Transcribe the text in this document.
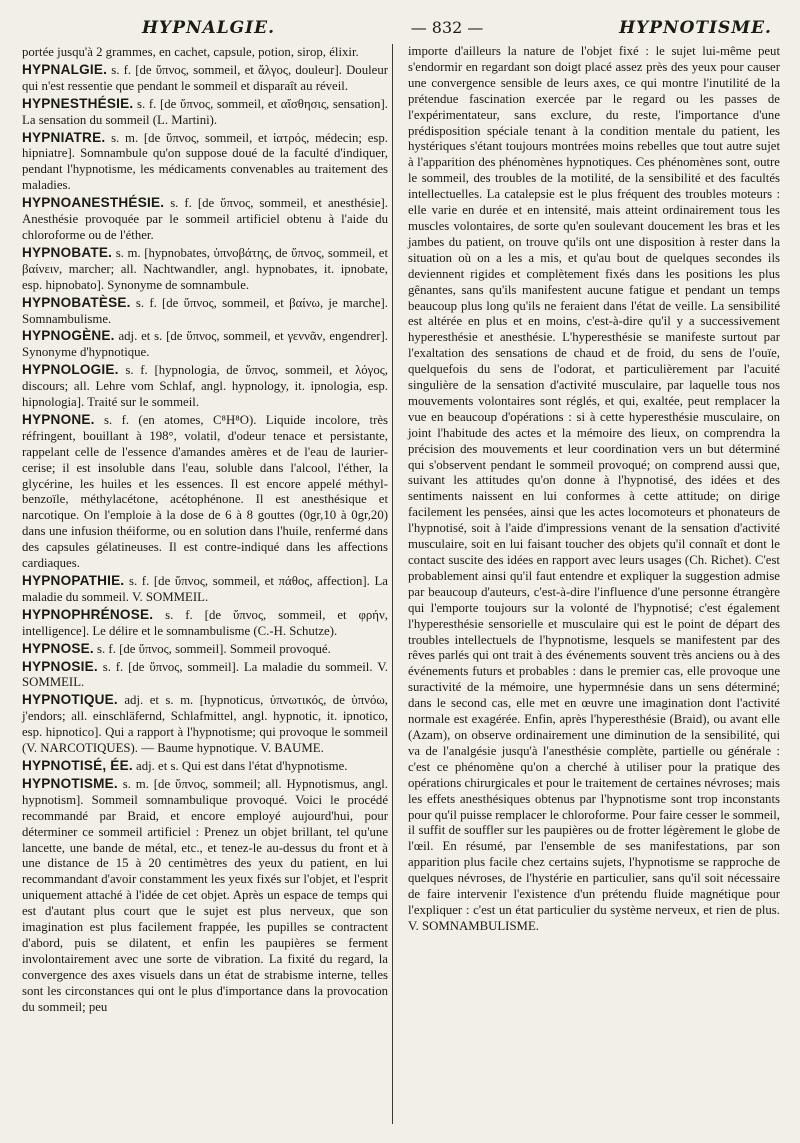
HYPNALGIE.	— 832 —	HYPNOTISME.

portée jusqu'à 2 grammes, en cachet, capsule, potion, sirop, élixir.

HYPNALGIE. s. f. [de ὕπνος, sommeil, et ἄλγος, douleur]. Douleur qui n'est ressentie que pendant le sommeil et disparaît au réveil.

HYPNESTHÉSIE. s. f. [de ὕπνος, sommeil, et αἴσθησις, sensation]. La sensation du sommeil (L. Martini).

HYPNIATRE. s. m. [de ὕπνος, sommeil, et ἰατρός, médecin; esp. hipniatre]. Somnambule qu'on suppose doué de la faculté d'indiquer, pendant l'hypnotisme, les médicaments convenables au traitement des maladies.

HYPNOANESTHÉSIE. s. f. [de ὕπνος, sommeil, et anesthésie]. Anesthésie provoquée par le sommeil artificiel obtenu à l'aide du chloroforme ou de l'éther.

HYPNOBATE. s. m. [hypnobates, ὑπνοβάτης, de ὕπνος, sommeil, et βαίνειν, marcher; all. Nachtwandler, angl. hypnobates, it. ipnobate, esp. hipnobato]. Synonyme de somnambule.

HYPNOBATÈSE. s. f. [de ὕπνος, sommeil, et βαίνω, je marche]. Somnambulisme.

HYPNOGÈNE. adj. et s. [de ὕπνος, sommeil, et γεννᾶν, engendrer]. Synonyme d'hypnotique.

HYPNOLOGIE. s. f. [hypnologia, de ὕπνος, sommeil, et λόγος, discours; all. Lehre vom Schlaf, angl. hypnology, it. ipnologia, esp. hipnologia]. Traité sur le sommeil.

HYPNONE. s. f. (en atomes, C⁸H⁸O). Liquide incolore, très réfringent, bouillant à 198°, volatil, d'odeur tenace et persistante, rappelant celle de l'essence d'amandes amères et de l'eau de laurier-cerise; il est insoluble dans l'eau, soluble dans l'alcool, l'éther, la glycérine, les huiles et les essences. Il est encore appelé méthyl-benzoïle, méthylacétone, acétophénone. Il est anesthésique et narcotique. On l'emploie à la dose de 6 à 8 gouttes (0gr,10 à 0gr,20) dans une infusion théiforme, ou en solution dans l'huile, renfermé dans des capsules gélatineuses. Il est contre-indiqué dans les affections cardiaques.

HYPNOPATHIE. s. f. [de ὕπνος, sommeil, et πάθος, affection]. La maladie du sommeil. V. SOMMEIL.

HYPNOPHRÉNOSE. s. f. [de ὕπνος, sommeil, et φρήν, intelligence]. Le délire et le somnambulisme (C.-H. Schutze).

HYPNOSE. s. f. [de ὕπνος, sommeil]. Sommeil provoqué.

HYPNOSIE. s. f. [de ὕπνος, sommeil]. La maladie du sommeil. V. SOMMEIL.

HYPNOTIQUE. adj. et s. m. [hypnoticus, ὑπνωτικός, de ὑπνόω, j'endors; all. einschläfernd, Schlafmittel, angl. hypnotic, it. ipnotico, esp. hipnotico]. Qui a rapport à l'hypnotisme; qui provoque le sommeil (V. NARCOTIQUES). — Baume hypnotique. V. BAUME.

HYPNOTISÉ, ÉE. adj. et s. Qui est dans l'état d'hypnotisme.

HYPNOTISME. s. m. [de ὕπνος, sommeil; all. Hypnotismus, angl. hypnotism]. Sommeil somnambulique provoqué. Voici le procédé recommandé par Braid, et encore employé aujourd'hui, pour déterminer ce sommeil artificiel : Prenez un objet brillant, tel qu'une lancette, une bande de métal, etc., et tenez-le au-dessus du front et à une distance de 15 à 20 centimètres des yeux du patient, en lui recommandant d'avoir constamment les yeux fixés sur l'objet, et l'esprit uniquement attaché à l'idée de cet objet. Après un espace de temps qui est d'autant plus court que le sujet est plus nerveux, que son imagination est plus facilement frappée, les pupilles se contractent d'abord, puis se dilatent, et enfin les paupières se ferment involontairement avec une sorte de vibration. La fixité du regard, la convergence des axes visuels dans un état de strabisme interne, telles sont les circonstances qui ont le plus d'importance dans la provocation du sommeil; peu

importe d'ailleurs la nature de l'objet fixé : le sujet lui-même peut s'endormir en regardant son doigt placé assez près des yeux pour causer une convergence sensible de leurs axes, ce qui montre l'inutilité de la prétendue fascination exercée par le regard ou les passes de l'expérimentateur, sans exclure, du reste, l'importance d'une prédisposition spéciale tenant à la condition mentale du patient, les hystériques s'étant toujours montrées moins rebelles que tout autre sujet à l'apparition des phénomènes hypnotiques. Ces phénomènes sont, outre le sommeil, des troubles de la motilité, de la sensibilité et des facultés intellectuelles. La catalepsie est le plus fréquent des troubles moteurs : elle varie en durée et en intensité, mais atteint ordinairement tous les muscles volontaires, de sorte qu'en soulevant doucement les bras et les jambes du patient, on trouve qu'ils ont une disposition à rester dans la situation où on a les a mis, et qu'au bout de quelques secondes ils deviennent rigides et complètement fixés dans les positions les plus gênantes, sans qu'ils manifestent aucune fatigue et pendant un temps beaucoup plus long qu'ils ne feraient dans l'état de veille. La sensibilité est altérée en plus et en moins, c'est-à-dire qu'il y a successivement hyperesthésie et anesthésie. L'hyperesthésie se manifeste surtout par l'exaltation des sensations de chaud et de froid, du sens de l'ouïe, quelquefois du sens de l'odorat, et particulièrement par l'acuité singulière de la sensation d'activité musculaire, par laquelle tous nos mouvements volontaires sont réglés, et qui, exaltée, peut remplacer la vue en beaucoup d'opérations : si à cette hyperesthésie musculaire, on joint l'habitude des actes et la mémoire des lieux, on comprendra la précision des mouvements et leur coordination vers un but déterminé qui s'observent pendant le sommeil provoqué; on comprend aussi que, suivant les attitudes qu'on donne à l'hypnotisé, des idées et des sentiments naissent en lui conformes à cette attitude; on dirige facilement les pensées, ainsi que les actes locomoteurs et phonateurs de l'hypnotisé, soit à l'aide d'impressions venant de la sensation d'activité musculaire, soit en lui faisant toucher des objets qu'il connaît et dont le contact suscite des idées en rapport avec leurs usages (Ch. Richet). C'est probablement ainsi qu'il faut entendre et expliquer la suggestion admise par beaucoup d'auteurs, c'est-à-dire l'influence d'une personne étrangère qui l'emporte toujours sur la volonté de l'hypnotisé; c'est également l'hyperesthésie sensorielle et musculaire qui est le point de départ des troubles intellectuels de l'hypnotisme, lesquels se manifestent par des rêves parlés qui ont trait à des événements souvent très anciens ou à des événements futurs et probables : dans le premier cas, elle provoque une suractivité de la mémoire, une hypermnésie dans un sens déterminé; dans le second cas, elle met en œuvre une imagination dont l'activité normale est exagérée. Enfin, après l'hyperesthésie (Braid), ou avant elle (Azam), on observe ordinairement une diminution de la sensibilité, qui va de l'analgésie jusqu'à l'anesthésie complète, partielle ou générale : c'est ce phénomène qu'on a cherché à utiliser pour la pratique des opérations chirurgicales et pour le traitement de certaines névroses; mais les effets anesthésiques obtenus par l'hypnotisme sont trop inconstants pour qu'il puisse remplacer le chloroforme. Pour faire cesser le sommeil, il suffit de souffler sur les paupières ou de frotter légèrement le globe de l'œil. En résumé, par l'ensemble de ses manifestations, par son apparition plus facile chez certains sujets, l'hypnotisme se rapproche de quelques névroses, de l'hystérie en particulier, sans qu'il soit nécessaire de faire intervenir l'existence d'un prétendu fluide magnétique pour l'expliquer : c'est un état particulier du système nerveux, et rien de plus. V. SOMNAMBULISME.
